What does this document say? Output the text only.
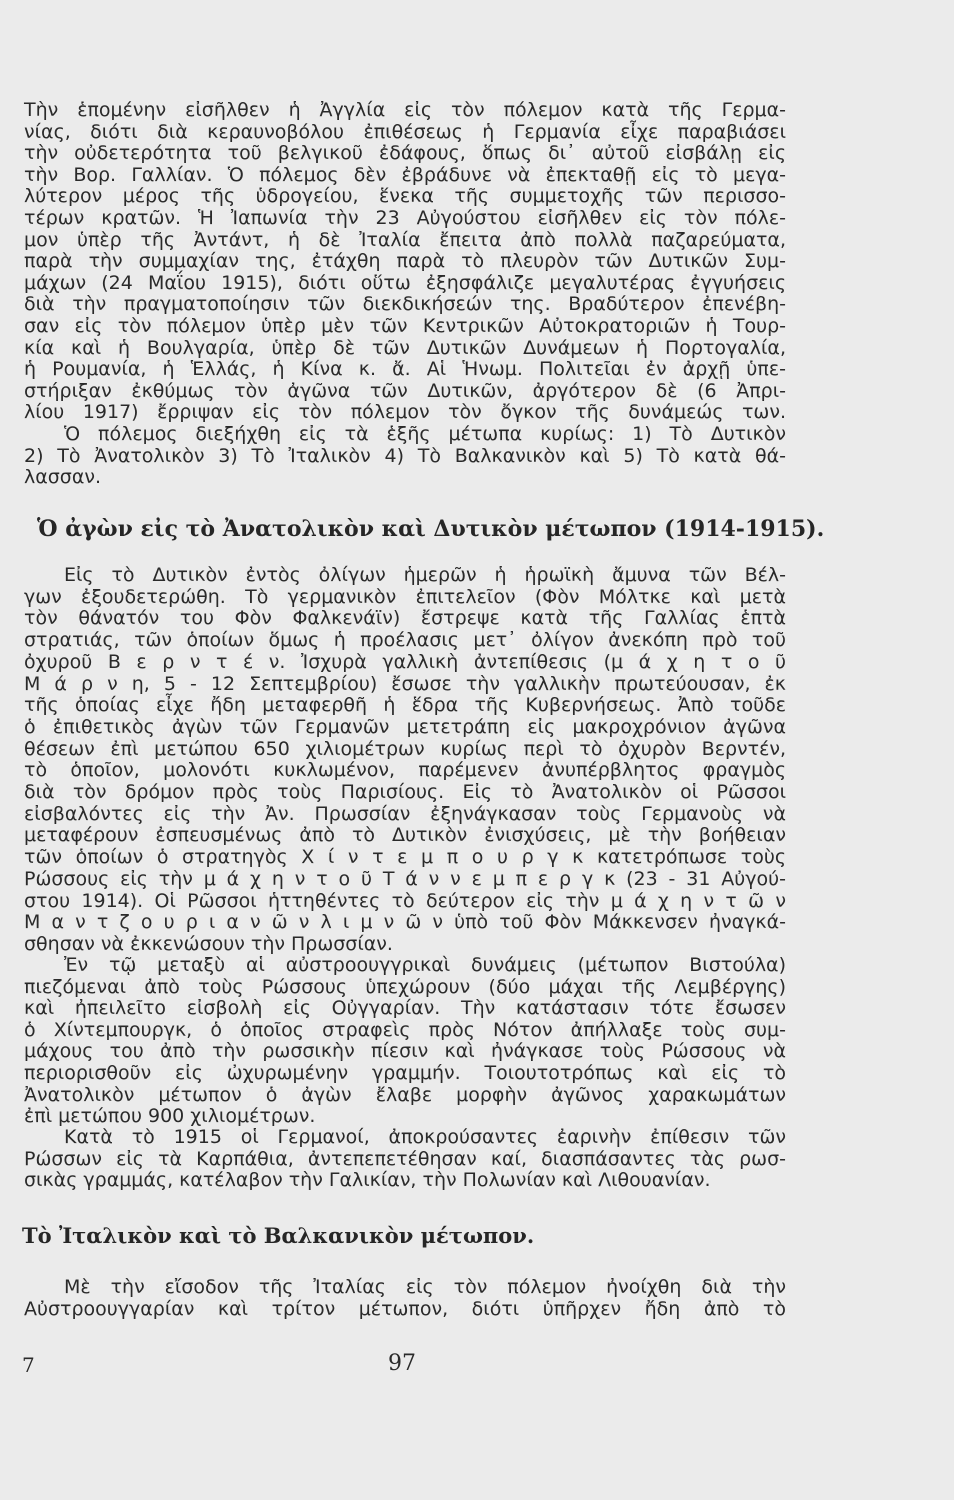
Τὴν ἑπομένην εἰσῆλθεν ἡ Ἀγγλία εἰς τὸν πόλεμον κατὰ τῆς Γερμα-
νίας, διότι διὰ κεραυνοβόλου ἐπιθέσεως ἡ Γερμανία εἶχε παραβιάσει
τὴν οὐδετερότητα τοῦ βελγικοῦ ἐδάφους, ὅπως δι᾽ αὐτοῦ εἰσβάλῃ εἰς
τὴν Βορ. Γαλλίαν. Ὁ πόλεμος δὲν ἐβράδυνε νὰ ἐπεκταθῇ εἰς τὸ μεγα-
λύτερον μέρος τῆς ὑδρογείου, ἕνεκα τῆς συμμετοχῆς τῶν περισσο-
τέρων κρατῶν. Ἡ Ἰαπωνία τὴν 23 Αὐγούστου εἰσῆλθεν εἰς τὸν πόλε-
μον ὑπὲρ τῆς Ἀντάντ, ἡ δὲ Ἰταλία ἔπειτα ἀπὸ πολλὰ παζαρεύματα,
παρὰ τὴν συμμαχίαν της, ἐτάχθη παρὰ τὸ πλευρὸν τῶν Δυτικῶν Συμ-
μάχων (24 Μαΐου 1915), διότι οὕτω ἐξησφάλιζε μεγαλυτέρας ἐγγυήσεις
διὰ τὴν πραγματοποίησιν τῶν διεκδικήσεών της. Βραδύτερον ἐπενέβη-
σαν εἰς τὸν πόλεμον ὑπὲρ μὲν τῶν Κεντρικῶν Αὐτοκρατοριῶν ἡ Τουρ-
κία καὶ ἡ Βουλγαρία, ὑπὲρ δὲ τῶν Δυτικῶν Δυνάμεων ἡ Πορτογαλία,
ἡ Ρουμανία, ἡ Ἑλλάς, ἡ Κίνα κ. ἄ. Αἱ Ἡνωμ. Πολιτεῖαι ἐν ἀρχῇ ὑπε-
στήριξαν ἐκθύμως τὸν ἀγῶνα τῶν Δυτικῶν, ἀργότερον δὲ (6 Ἀπρι-
λίου 1917) ἔρριψαν εἰς τὸν πόλεμον τὸν ὄγκον τῆς δυνάμεώς των.
Ὁ πόλεμος διεξήχθη εἰς τὰ ἑξῆς μέτωπα κυρίως: 1) Τὸ Δυτικὸν
2) Τὸ Ἀνατολικὸν 3) Τὸ Ἰταλικὸν 4) Τὸ Βαλκανικὸν καὶ 5) Τὸ κατὰ θά-
λασσαν.
Ὁ ἀγὼν εἰς τὸ Ἀνατολικὸν καὶ Δυτικὸν μέτωπον (1914-1915).
Εἰς τὸ Δυτικὸν ἐντὸς ὀλίγων ἡμερῶν ἡ ἡρωϊκὴ ἄμυνα τῶν Βέλ-
γων ἐξουδετερώθη. Τὸ γερμανικὸν ἐπιτελεῖον (Φὸν Μόλτκε καὶ μετὰ
τὸν θάνατόν του Φὸν Φαλκενάϊν) ἔστρεψε κατὰ τῆς Γαλλίας ἑπτὰ
στρατιάς, τῶν ὁποίων ὅμως ἡ προέλασις μετ᾽ ὀλίγον ἀνεκόπη πρὸ τοῦ
ὀχυροῦ Β ε ρ ν τ έ ν. Ἰσχυρὰ γαλλικὴ ἀντεπίθεσις (μ ά χ η τ ο ῦ
Μ ά ρ ν η, 5 - 12 Σεπτεμβρίου) ἔσωσε τὴν γαλλικὴν πρωτεύουσαν, ἐκ
τῆς ὁποίας εἶχε ἤδη μεταφερθῆ ἡ ἕδρα τῆς Κυβερνήσεως. Ἀπὸ τοῦδε
ὁ ἐπιθετικὸς ἀγὼν τῶν Γερμανῶν μετετράπη εἰς μακροχρόνιον ἀγῶνα
θέσεων ἐπὶ μετώπου 650 χιλιομέτρων κυρίως περὶ τὸ ὀχυρὸν Βερντέν,
τὸ ὁποῖον, μολονότι κυκλωμένον, παρέμενεν ἀνυπέρβλητος φραγμὸς
διὰ τὸν δρόμον πρὸς τοὺς Παρισίους. Εἰς τὸ Ἀνατολικὸν οἱ Ρῶσσοι
εἰσβαλόντες εἰς τὴν Ἀν. Πρωσσίαν ἐξηνάγκασαν τοὺς Γερμανοὺς νὰ
μεταφέρουν ἐσπευσμένως ἀπὸ τὸ Δυτικὸν ἐνισχύσεις, μὲ τὴν βοήθειαν
τῶν ὁποίων ὁ στρατηγὸς Χ ί ν τ ε μ π ο υ ρ γ κ κατετρόπωσε τοὺς
Ρώσσους εἰς τὴν μ ά χ η ν τ ο ῦ Τ ά ν ν ε μ π ε ρ γ κ (23 - 31 Αὐγού-
στου 1914). Οἱ Ρῶσσοι ἡττηθέντες τὸ δεύτερον εἰς τὴν μ ά χ η ν τ ῶ ν
Μ α ν τ ζ ο υ ρ ι α ν ῶ ν λ ι μ ν ῶ ν ὑπὸ τοῦ Φὸν Μάκκενσεν ἠναγκά-
σθησαν νὰ ἐκκενώσουν τὴν Πρωσσίαν.
Ἐν τῷ μεταξὺ αἱ αὐστροουγγρικαὶ δυνάμεις (μέτωπον Βιστούλα)
πιεζόμεναι ἀπὸ τοὺς Ρώσσους ὑπεχώρουν (δύο μάχαι τῆς Λεμβέργης)
καὶ ἠπειλεῖτο εἰσβολὴ εἰς Οὐγγαρίαν. Τὴν κατάστασιν τότε ἔσωσεν
ὁ Χίντεμπουργκ, ὁ ὁποῖος στραφεὶς πρὸς Νότον ἀπήλλαξε τοὺς συμ-
μάχους του ἀπὸ τὴν ρωσσικὴν πίεσιν καὶ ἠνάγκασε τοὺς Ρώσσους νὰ
περιορισθοῦν εἰς ὠχυρωμένην γραμμήν. Τοιουτοτρόπως καὶ εἰς τὸ
Ἀνατολικὸν μέτωπον ὁ ἀγὼν ἔλαβε μορφὴν ἀγῶνος χαρακωμάτων
ἐπὶ μετώπου 900 χιλιομέτρων.
Κατὰ τὸ 1915 οἱ Γερμανοί, ἀποκρούσαντες ἐαρινὴν ἐπίθεσιν τῶν
Ρώσσων εἰς τὰ Καρπάθια, ἀντεπεπετέθησαν καί, διασπάσαντες τὰς ρωσ-
σικὰς γραμμάς, κατέλαβον τὴν Γαλικίαν, τὴν Πολωνίαν καὶ Λιθουανίαν.
Τὸ Ἰταλικὸν καὶ τὸ Βαλκανικὸν μέτωπον.
Μὲ τὴν εἴσοδον τῆς Ἰταλίας εἰς τὸν πόλεμον ἠνοίχθη διὰ τὴν
Αὐστροουγγαρίαν καὶ τρίτον μέτωπον, διότι ὑπῆρχεν ἤδη ἀπὸ τὸ
7	97
